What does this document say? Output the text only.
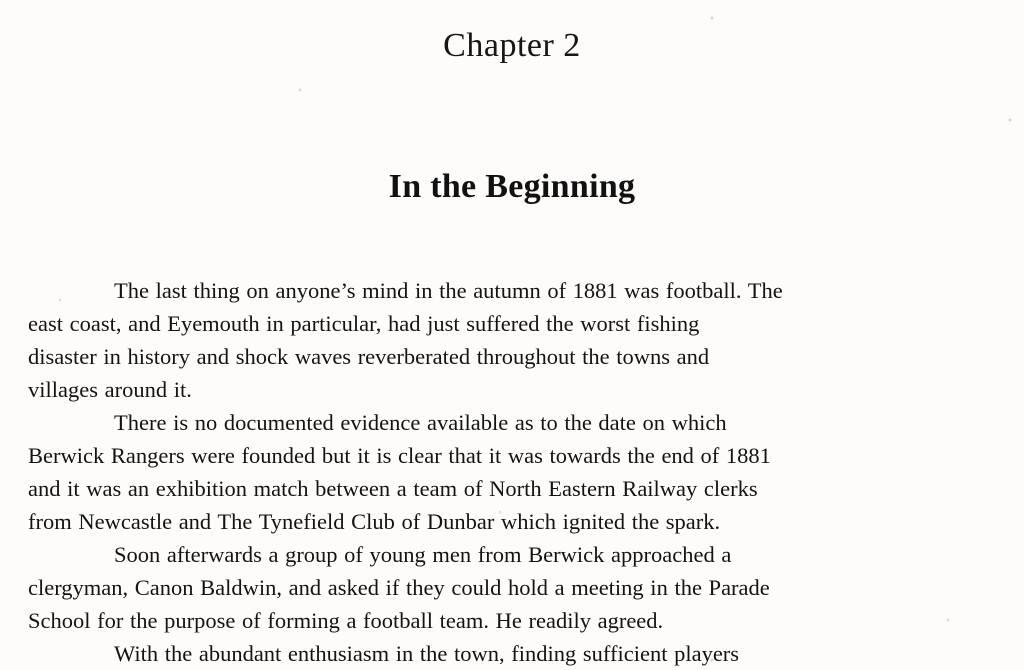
Chapter 2
In the Beginning
The last thing on anyone’s mind in the autumn of 1881 was football. The
east coast, and Eyemouth in particular, had just suffered the worst fishing
disaster in history and shock waves reverberated throughout the towns and
villages around it.
There is no documented evidence available as to the date on which
Berwick Rangers were founded but it is clear that it was towards the end of 1881
and it was an exhibition match between a team of North Eastern Railway clerks
from Newcastle and The Tynefield Club of Dunbar which ignited the spark.
Soon afterwards a group of young men from Berwick approached a
clergyman, Canon Baldwin, and asked if they could hold a meeting in the Parade
School for the purpose of forming a football team. He readily agreed.
With the abundant enthusiasm in the town, finding sufficient players
